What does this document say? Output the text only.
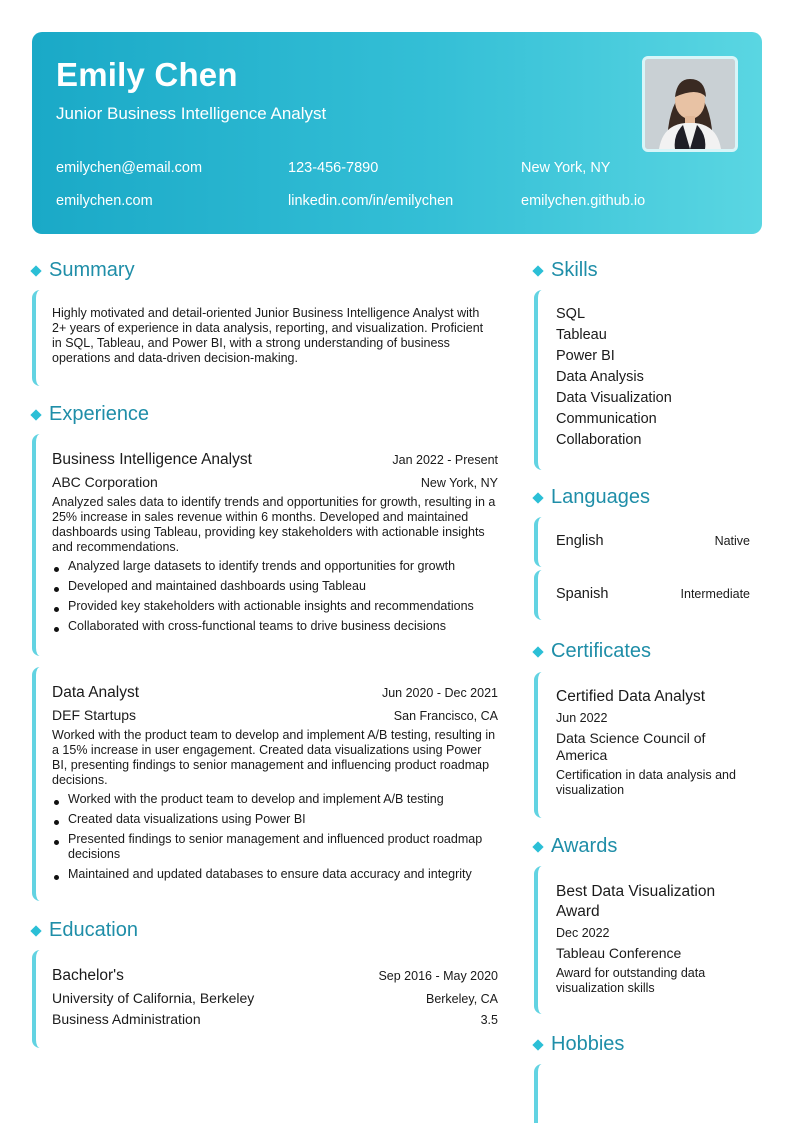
Emily Chen
Junior Business Intelligence Analyst
emilychen@email.com	123-456-7890	New York, NY
emilychen.com	linkedin.com/in/emilychen	emilychen.github.io
Summary
Highly motivated and detail-oriented Junior Business Intelligence Analyst with 2+ years of experience in data analysis, reporting, and visualization. Proficient in SQL, Tableau, and Power BI, with a strong understanding of business operations and data-driven decision-making.
Experience
Business Intelligence Analyst	Jan 2022 - Present
ABC Corporation	New York, NY
Analyzed sales data to identify trends and opportunities for growth, resulting in a 25% increase in sales revenue within 6 months. Developed and maintained dashboards using Tableau, providing key stakeholders with actionable insights and recommendations.
Analyzed large datasets to identify trends and opportunities for growth
Developed and maintained dashboards using Tableau
Provided key stakeholders with actionable insights and recommendations
Collaborated with cross-functional teams to drive business decisions
Data Analyst	Jun 2020 - Dec 2021
DEF Startups	San Francisco, CA
Worked with the product team to develop and implement A/B testing, resulting in a 15% increase in user engagement. Created data visualizations using Power BI, presenting findings to senior management and influencing product roadmap decisions.
Worked with the product team to develop and implement A/B testing
Created data visualizations using Power BI
Presented findings to senior management and influenced product roadmap decisions
Maintained and updated databases to ensure data accuracy and integrity
Education
Bachelor's	Sep 2016 - May 2020
University of California, Berkeley	Berkeley, CA
Business Administration	3.5
Skills
SQL
Tableau
Power BI
Data Analysis
Data Visualization
Communication
Collaboration
Languages
English	Native
Spanish	Intermediate
Certificates
Certified Data Analyst
Jun 2022
Data Science Council of America
Certification in data analysis and visualization
Awards
Best Data Visualization Award
Dec 2022
Tableau Conference
Award for outstanding data visualization skills
Hobbies
